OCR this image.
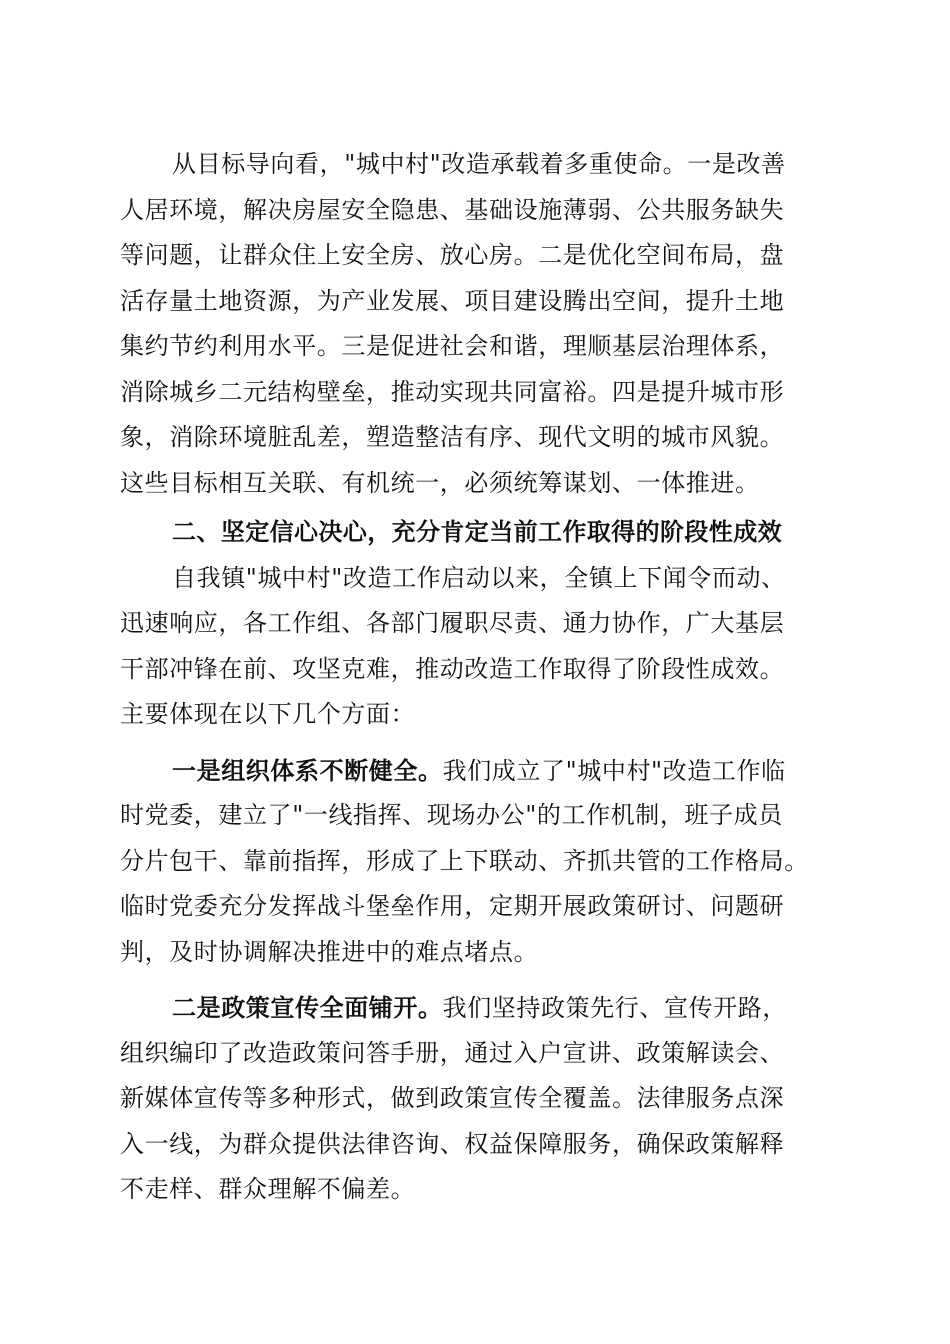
从目标导向看，"城中村"改造承载着多重使命。一是改善
人居环境，解决房屋安全隐患、基础设施薄弱、公共服务缺失
等问题，让群众住上安全房、放心房。二是优化空间布局，盘
活存量土地资源，为产业发展、项目建设腾出空间，提升土地
集约节约利用水平。三是促进社会和谐，理顺基层治理体系，
消除城乡二元结构壁垒，推动实现共同富裕。四是提升城市形
象，消除环境脏乱差，塑造整洁有序、现代文明的城市风貌。
这些目标相互关联、有机统一，必须统筹谋划、一体推进。
二、坚定信心决心，充分肯定当前工作取得的阶段性成效
自我镇"城中村"改造工作启动以来，全镇上下闻令而动、
迅速响应，各工作组、各部门履职尽责、通力协作，广大基层
干部冲锋在前、攻坚克难，推动改造工作取得了阶段性成效。
主要体现在以下几个方面：
一是组织体系不断健全。我们成立了"城中村"改造工作临
时党委，建立了"一线指挥、现场办公"的工作机制，班子成员
分片包干、靠前指挥，形成了上下联动、齐抓共管的工作格局。
临时党委充分发挥战斗堡垒作用，定期开展政策研讨、问题研
判，及时协调解决推进中的难点堵点。
二是政策宣传全面铺开。我们坚持政策先行、宣传开路，
组织编印了改造政策问答手册，通过入户宣讲、政策解读会、
新媒体宣传等多种形式，做到政策宣传全覆盖。法律服务点深
入一线，为群众提供法律咨询、权益保障服务，确保政策解释
不走样、群众理解不偏差。
